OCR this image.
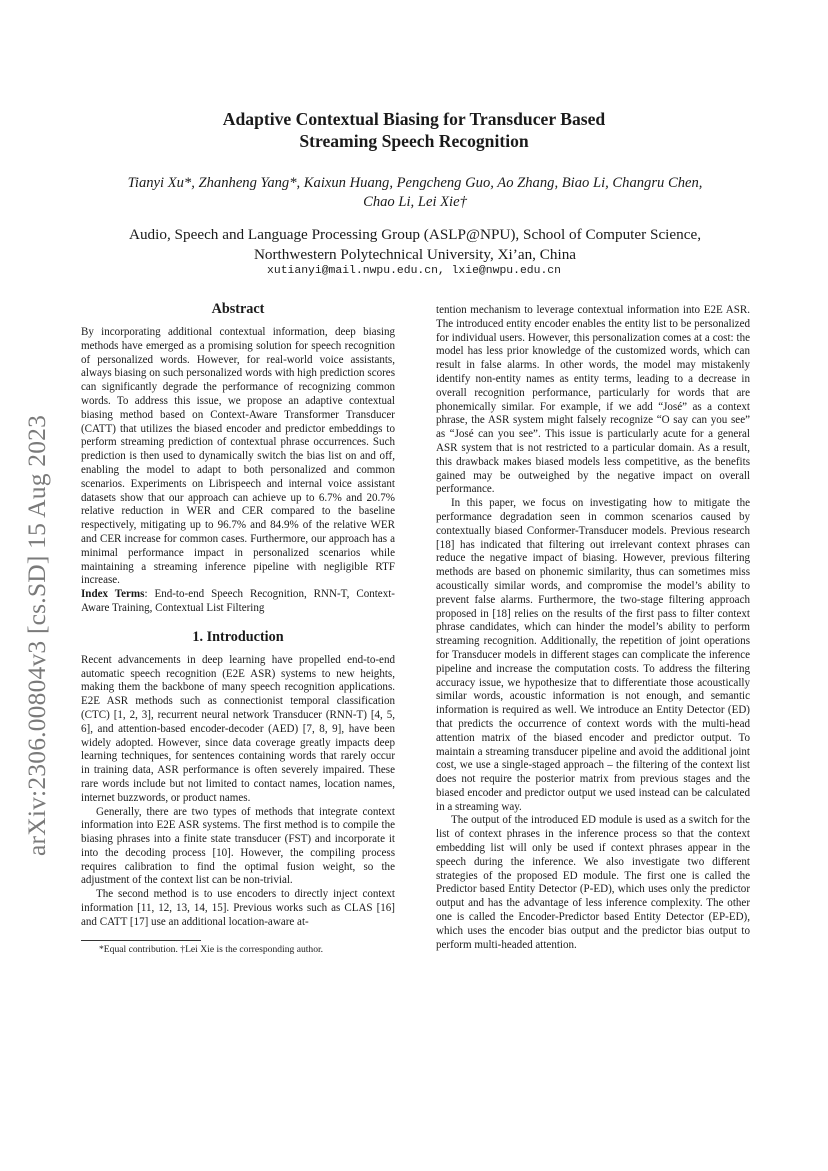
arXiv:2306.00804v3 [cs.SD] 15 Aug 2023
Adaptive Contextual Biasing for Transducer Based
Streaming Speech Recognition
Tianyi Xu*, Zhanheng Yang*, Kaixun Huang, Pengcheng Guo, Ao Zhang, Biao Li, Changru Chen,
Chao Li, Lei Xie†
Audio, Speech and Language Processing Group (ASLP@NPU), School of Computer Science,
Northwestern Polytechnical University, Xi’an, China
xutianyi@mail.nwpu.edu.cn, lxie@nwpu.edu.cn
Abstract

By incorporating additional contextual information, deep biasing methods have emerged as a promising solution for speech recognition of personalized words. However, for real-world voice assistants, always biasing on such personalized words with high prediction scores can significantly degrade the performance of recognizing common words. To address this issue, we propose an adaptive contextual biasing method based on Context-Aware Transformer Transducer (CATT) that utilizes the biased encoder and predictor embeddings to perform streaming prediction of contextual phrase occurrences. Such prediction is then used to dynamically switch the bias list on and off, enabling the model to adapt to both personalized and common scenarios. Experiments on Librispeech and internal voice assistant datasets show that our approach can achieve up to 6.7% and 20.7% relative reduction in WER and CER compared to the baseline respectively, mitigating up to 96.7% and 84.9% of the relative WER and CER increase for common cases. Furthermore, our approach has a minimal performance impact in personalized scenarios while maintaining a streaming inference pipeline with negligible RTF increase.

Index Terms: End-to-end Speech Recognition, RNN-T, Context-Aware Training, Contextual List Filtering

1. Introduction

Recent advancements in deep learning have propelled end-to-end automatic speech recognition (E2E ASR) systems to new heights, making them the backbone of many speech recognition applications. E2E ASR methods such as connectionist temporal classification (CTC) [1, 2, 3], recurrent neural network Transducer (RNN-T) [4, 5, 6], and attention-based encoder-decoder (AED) [7, 8, 9], have been widely adopted. However, since data coverage greatly impacts deep learning techniques, for sentences containing words that rarely occur in training data, ASR performance is often severely impaired. These rare words include but not limited to contact names, location names, internet buzzwords, or product names.

Generally, there are two types of methods that integrate context information into E2E ASR systems. The first method is to compile the biasing phrases into a finite state transducer (FST) and incorporate it into the decoding process [10]. However, the compiling process requires calibration to find the optimal fusion weight, so the adjustment of the context list can be non-trivial.

The second method is to use encoders to directly inject context information [11, 12, 13, 14, 15]. Previous works such as CLAS [16] and CATT [17] use an additional location-aware at-

*Equal contribution. †Lei Xie is the corresponding author.

tention mechanism to leverage contextual information into E2E ASR. The introduced entity encoder enables the entity list to be personalized for individual users. However, this personalization comes at a cost: the model has less prior knowledge of the customized words, which can result in false alarms. In other words, the model may mistakenly identify non-entity names as entity terms, leading to a decrease in overall recognition performance, particularly for words that are phonemically similar. For example, if we add “José” as a context phrase, the ASR system might falsely recognize “O say can you see” as “José can you see”. This issue is particularly acute for a general ASR system that is not restricted to a particular domain. As a result, this drawback makes biased models less competitive, as the benefits gained may be outweighed by the negative impact on overall performance.

In this paper, we focus on investigating how to mitigate the performance degradation seen in common scenarios caused by contextually biased Conformer-Transducer models. Previous research [18] has indicated that filtering out irrelevant context phrases can reduce the negative impact of biasing. However, previous filtering methods are based on phonemic similarity, thus can sometimes miss acoustically similar words, and compromise the model’s ability to prevent false alarms. Furthermore, the two-stage filtering approach proposed in [18] relies on the results of the first pass to filter context phrase candidates, which can hinder the model’s ability to perform streaming recognition. Additionally, the repetition of joint operations for Transducer models in different stages can complicate the inference pipeline and increase the computation costs. To address the filtering accuracy issue, we hypothesize that to differentiate those acoustically similar words, acoustic information is not enough, and semantic information is required as well. We introduce an Entity Detector (ED) that predicts the occurrence of context words with the multi-head attention matrix of the biased encoder and predictor output. To maintain a streaming transducer pipeline and avoid the additional joint cost, we use a single-staged approach – the filtering of the context list does not require the posterior matrix from previous stages and the biased encoder and predictor output we used instead can be calculated in a streaming way.

The output of the introduced ED module is used as a switch for the list of context phrases in the inference process so that the context embedding list will only be used if context phrases appear in the speech during the inference. We also investigate two different strategies of the proposed ED module. The first one is called the Predictor based Entity Detector (P-ED), which uses only the predictor output and has the advantage of less inference complexity. The other one is called the Encoder-Predictor based Entity Detector (EP-ED), which uses the encoder bias output and the predictor bias output to perform multi-headed attention.
